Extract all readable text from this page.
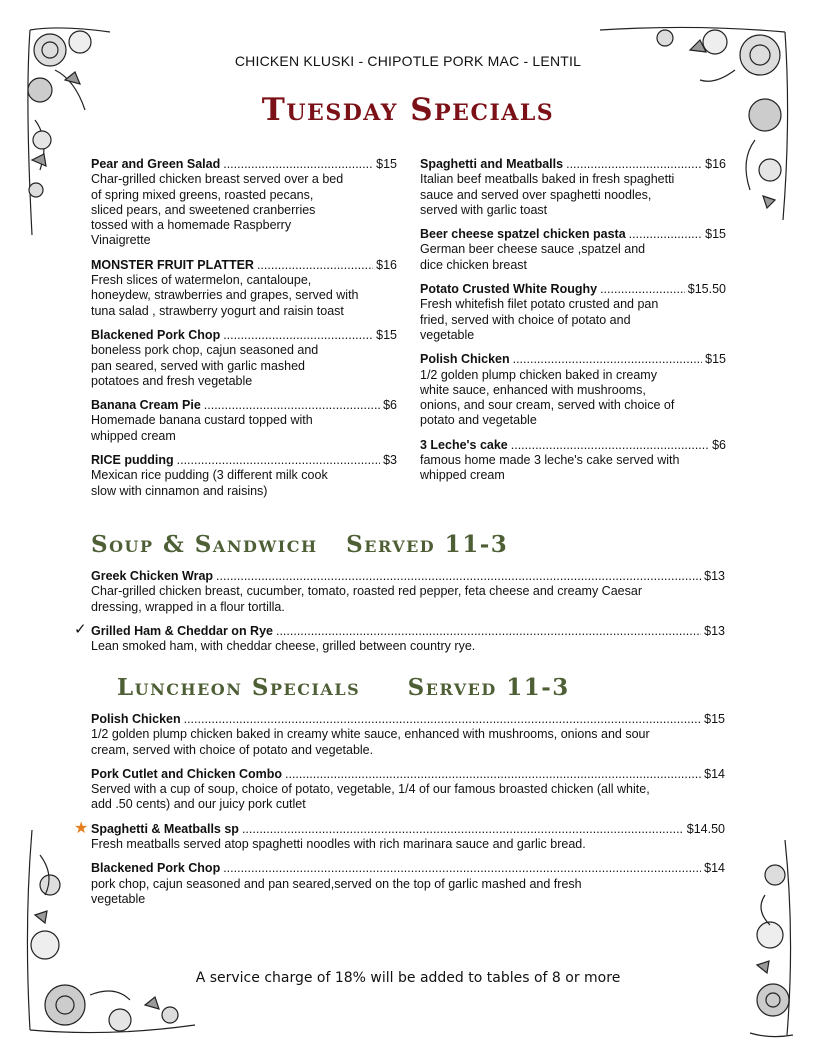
CHICKEN KLUSKI - CHIPOTLE PORK MAC - LENTIL
Tuesday Specials
Pear and Green Salad .....	$15
Char-grilled chicken breast served over a bed of spring mixed greens, roasted pecans, sliced pears, and sweetened cranberries tossed with a homemade Raspberry Vinaigrette
MONSTER FRUIT PLATTER .....	$16
Fresh slices of watermelon, cantaloupe, honeydew, strawberries and grapes, served with tuna salad , strawberry yogurt and raisin toast
Blackened Pork Chop .....	$15
boneless pork chop, cajun seasoned and pan seared, served with garlic mashed potatoes and fresh vegetable
Banana Cream Pie .....	$6
Homemade banana custard topped with whipped cream
RICE pudding .....	$3
Mexican rice pudding (3 different milk cook slow with cinnamon and raisins)
Spaghetti and Meatballs .....	$16
Italian beef meatballs baked in fresh spaghetti sauce and served over spaghetti noodles, served with garlic toast
Beer cheese spatzel chicken pasta .....	$15
German beer cheese sauce ,spatzel and dice chicken breast
Potato Crusted White Roughy .....	$15.50
Fresh whitefish filet potato crusted and pan fried, served with choice of potato and vegetable
Polish Chicken .....	$15
1/2 golden plump chicken baked in creamy white sauce, enhanced with mushrooms, onions, and sour cream, served with choice of potato and vegetable
3 Leche's cake .....	$6
famous home made 3 leche's cake served with whipped cream
Soup & Sandwich   Served 11-3
Greek Chicken Wrap .....	$13
Char-grilled chicken breast, cucumber, tomato, roasted red pepper, feta cheese and creamy Caesar dressing, wrapped in a flour tortilla.
Grilled Ham & Cheddar on Rye .....	$13
Lean smoked ham, with cheddar cheese, grilled between country rye.
✓
Luncheon Specials     Served 11-3
Polish Chicken .....	$15
1/2 golden plump chicken baked in creamy white sauce, enhanced with mushrooms, onions and sour cream, served with choice of potato and vegetable.
Pork Cutlet and Chicken Combo .....	$14
Served with a cup of soup, choice of potato, vegetable, 1/4 of our famous broasted chicken (all white, add .50 cents) and our juicy pork cutlet
Spaghetti & Meatballs sp .....	$14.50
Fresh meatballs served atop spaghetti noodles with rich marinara sauce and garlic bread.
Blackened Pork Chop .....	$14
pork chop, cajun seasoned and pan seared,served on the top of garlic mashed and fresh vegetable
★
A service charge of 18% will be added to tables of 8 or more
